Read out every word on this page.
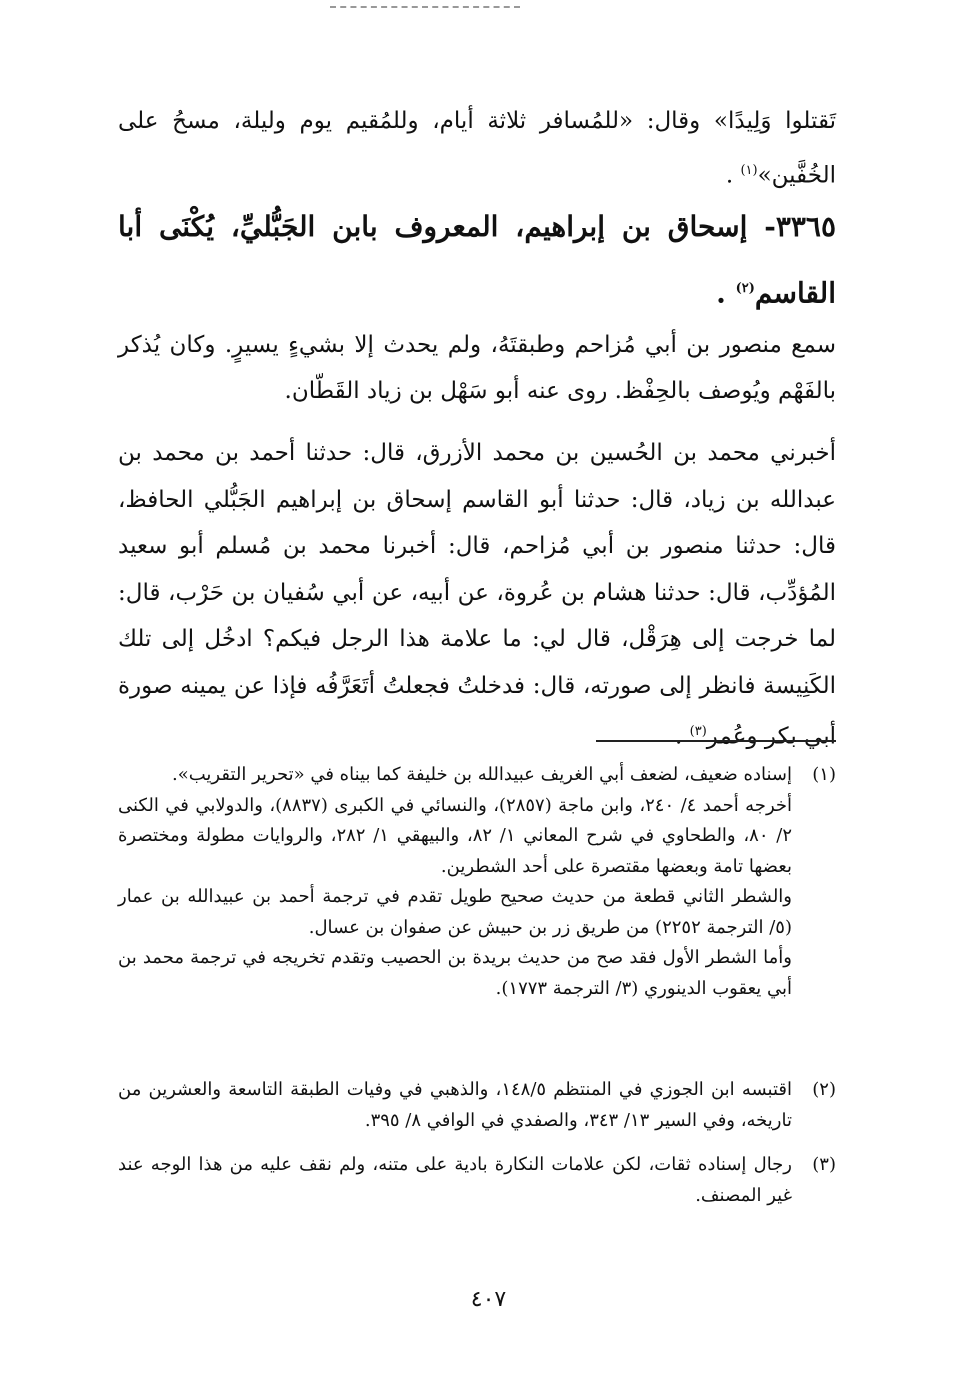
تَقتلوا وَلِيدًا» وقال: «للمُسافر ثلاثة أيام، وللمُقيم يوم وليلة، مسحُ على الخُفَّين»$^{(١)}$ .
٣٣٦٥- إسحاق بن إبراهيم، المعروف بابن الجَبُّليِّ، يُكْنَى أبا القاسم$^{(٢)}$ .
سمع منصور بن أبي مُزاحم وطبقتَهُ، ولم يحدث إلا بشيءٍ يسيرٍ. وكان يُذكر بالفَهْم ويُوصف بالحِفْظ. روى عنه أبو سَهْل بن زياد القَطّان.
أخبرني محمد بن الحُسين بن محمد الأزرق، قال: حدثنا أحمد بن محمد بن عبدالله بن زياد، قال: حدثنا أبو القاسم إسحاق بن إبراهيم الجَبُّلي الحافظ، قال: حدثنا منصور بن أبي مُزاحم، قال: أخبرنا محمد بن مُسلم أبو سعيد المُؤدِّب، قال: حدثنا هشام بن عُروة، عن أبيه، عن أبي سُفيان بن حَرْب، قال: لما خرجت إلى هِرَقْل، قال لي: ما علامة هذا الرجل فيكم؟ ادخُل إلى تلك الكَنِيسة فانظر إلى صورته، قال: فدخلتُ فجعلتُ أتَعَرَّفُه فإذا عن يمينه صورة أبي بكر وعُمر$^{(٣)}$ .
(١)
إسناده ضعيف، لضعف أبي الغريف عبيدالله بن خليفة كما بيناه في «تحرير التقريب».
أخرجه أحمد ٤/ ٢٤٠، وابن ماجة (٢٨٥٧)، والنسائي في الكبرى (٨٨٣٧)، والدولابي في الكنى ٢/ ٨٠، والطحاوي في شرح المعاني ١/ ٨٢، والبيهقي ١/ ٢٨٢، والروايات مطولة ومختصرة بعضها تامة وبعضها مقتصرة على أحد الشطرين.
والشطر الثاني قطعة من حديث صحيح طويل تقدم في ترجمة أحمد بن عبيدالله بن عمار (٥/ الترجمة ٢٢٥٢) من طريق زر بن حبيش عن صفوان بن عسال.
وأما الشطر الأول فقد صح من حديث بريدة بن الحصيب وتقدم تخريجه في ترجمة محمد بن أبي يعقوب الدينوري (٣/ الترجمة ١٧٧٣).
(٢)
اقتبسه ابن الجوزي في المنتظم ١٤٨/٥، والذهبي في وفيات الطبقة التاسعة والعشرين من تاريخه، وفي السير ١٣/ ٣٤٣، والصفدي في الوافي ٨/ ٣٩٥.
(٣)
رجال إسناده ثقات، لكن علامات النكارة بادية على متنه، ولم نقف عليه من هذا الوجه عند غير المصنف.
٤٠٧
